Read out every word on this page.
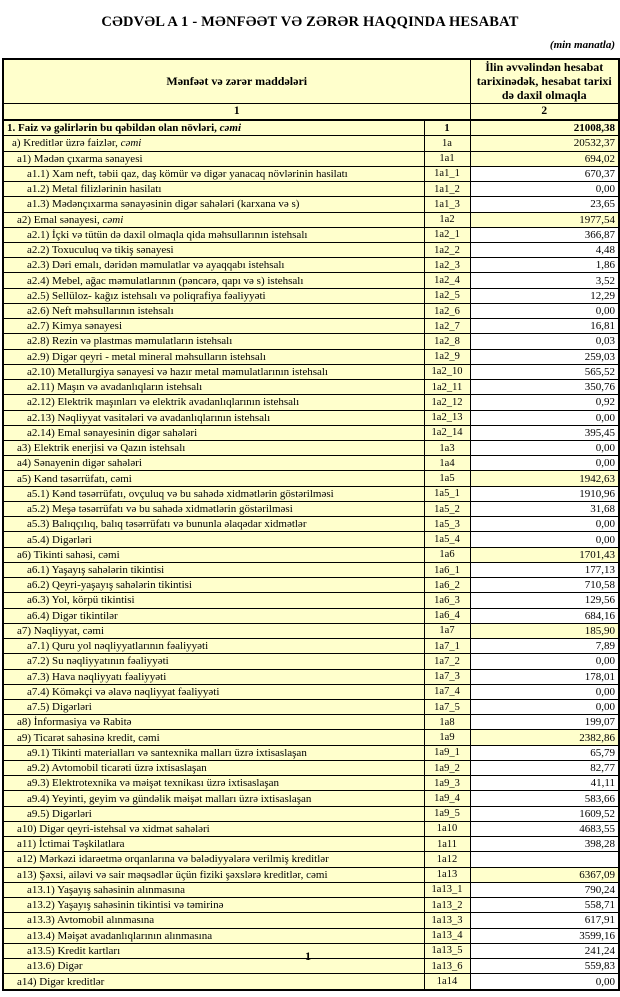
CƏDVƏL A 1 - MƏNFƏƏT VƏ ZƏRƏR HAQQINDA HESABAT
(min manatla)
Mənfəət və zərər maddələri		İlin əvvəlindən hesabat tarixinədək, hesabat tarixi də daxil olmaqla
1		2
1. Faiz və gəlirlərin bu qəbildən olan növləri, cəmi	1	21008,38
a) Kreditlər üzrə faizlər, cəmi	1a	20532,37
a1) Mədən çıxarma sənayesi	1a1	694,02
a1.1) Xam neft, təbii qaz, daş kömür və digər yanacaq növlərinin hasilatı	1a1_1	670,37
a1.2) Metal filizlərinin hasilatı	1a1_2	0,00
a1.3) Mədənçıxarma sənayəsinin digər sahələri (karxana və s)	1a1_3	23,65
a2) Emal sənayesi, cəmi	1a2	1977,54
a2.1) İçki və tütün də daxil olmaqla qida məhsullarının istehsalı	1a2_1	366,87
a2.2) Toxuculuq və tikiş sənayesi	1a2_2	4,48
a2.3) Dəri emalı, dəridən məmulatlar və ayaqqabı istehsalı	1a2_3	1,86
a2.4) Mebel, ağac məmulatlarının (pəncərə, qapı və s) istehsalı	1a2_4	3,52
a2.5) Sellüloz- kağız istehsalı və poliqrafiya fəaliyyəti	1a2_5	12,29
a2.6) Neft məhsullarının istehsalı	1a2_6	0,00
a2.7) Kimya sənayesi	1a2_7	16,81
a2.8) Rezin və plastmas məmulatların istehsalı	1a2_8	0,03
a2.9) Digər qeyri - metal mineral məhsulların istehsalı	1a2_9	259,03
a2.10) Metallurgiya sənayesi və hazır metal məmulatlarının istehsalı	1a2_10	565,52
a2.11) Maşın və avadanlıqların istehsalı	1a2_11	350,76
a2.12) Elektrik maşınları və elektrik avadanlıqlarının istehsalı	1a2_12	0,92
a2.13) Nəqliyyat vasitələri və avadanlıqlarının istehsalı	1a2_13	0,00
a2.14) Emal sənayesinin digər sahələri	1a2_14	395,45
a3) Elektrik enerjisi və Qazın istehsalı	1a3	0,00
a4) Sənayenin digər sahələri	1a4	0,00
a5) Kənd təsərrüfatı, cəmi	1a5	1942,63
a5.1) Kənd təsərrüfatı, ovçuluq və bu sahədə xidmətlərin göstərilməsi	1a5_1	1910,96
a5.2) Meşə təsərrüfatı və bu sahədə xidmətlərin göstərilməsi	1a5_2	31,68
a5.3) Balıqçılıq, balıq təsərrüfatı və bununla əlaqədar xidmətlər	1a5_3	0,00
a5.4) Digərləri	1a5_4	0,00
a6) Tikinti sahəsi, cəmi	1a6	1701,43
a6.1) Yaşayış sahələrin tikintisi	1a6_1	177,13
a6.2) Qeyri-yaşayış sahələrin tikintisi	1a6_2	710,58
a6.3) Yol, körpü tikintisi	1a6_3	129,56
a6.4) Digər tikintilər	1a6_4	684,16
a7) Nəqliyyat, cəmi	1a7	185,90
a7.1) Quru yol nəqliyyatlarının fəaliyyəti	1a7_1	7,89
a7.2) Su nəqliyyatının fəaliyyəti	1a7_2	0,00
a7.3) Hava nəqliyyatı fəaliyyəti	1a7_3	178,01
a7.4) Köməkçi və əlavə nəqliyyat fəaliyyəti	1a7_4	0,00
a7.5) Digərləri	1a7_5	0,00
a8) İnformasiya və Rabitə	1a8	199,07
a9) Ticarət sahəsinə kredit, cəmi	1a9	2382,86
a9.1) Tikinti materialları və santexnika malları üzrə ixtisaslaşan	1a9_1	65,79
a9.2) Avtomobil ticarəti üzrə ixtisaslaşan	1a9_2	82,77
a9.3) Elektrotexnika və məişət texnikası üzrə ixtisaslaşan	1a9_3	41,11
a9.4) Yeyinti, geyim və gündəlik məişət malları üzrə ixtisaslaşan	1a9_4	583,66
a9.5) Digərləri	1a9_5	1609,52
a10) Digər qeyri-istehsal və xidmət sahələri	1a10	4683,55
a11) İctimai Təşkilatlara	1a11	398,28
a12) Mərkəzi idarəetmə orqanlarına və bələdiyyələrə verilmiş kreditlər	1a12	
a13) Şəxsi, ailəvi və sair məqsədlər üçün fiziki şəxslərə kreditlər, cəmi	1a13	6367,09
a13.1) Yaşayış sahəsinin alınmasına	1a13_1	790,24
a13.2) Yaşayış sahəsinin tikintisi və təmirinə	1a13_2	558,71
a13.3) Avtomobil alınmasına	1a13_3	617,91
a13.4) Məişət avadanlıqlarının alınmasına	1a13_4	3599,16
a13.5) Kredit kartları	1a13_5	241,24
a13.6) Digər	1a13_6	559,83
a14) Digər kreditlər	1a14	0,00
1
